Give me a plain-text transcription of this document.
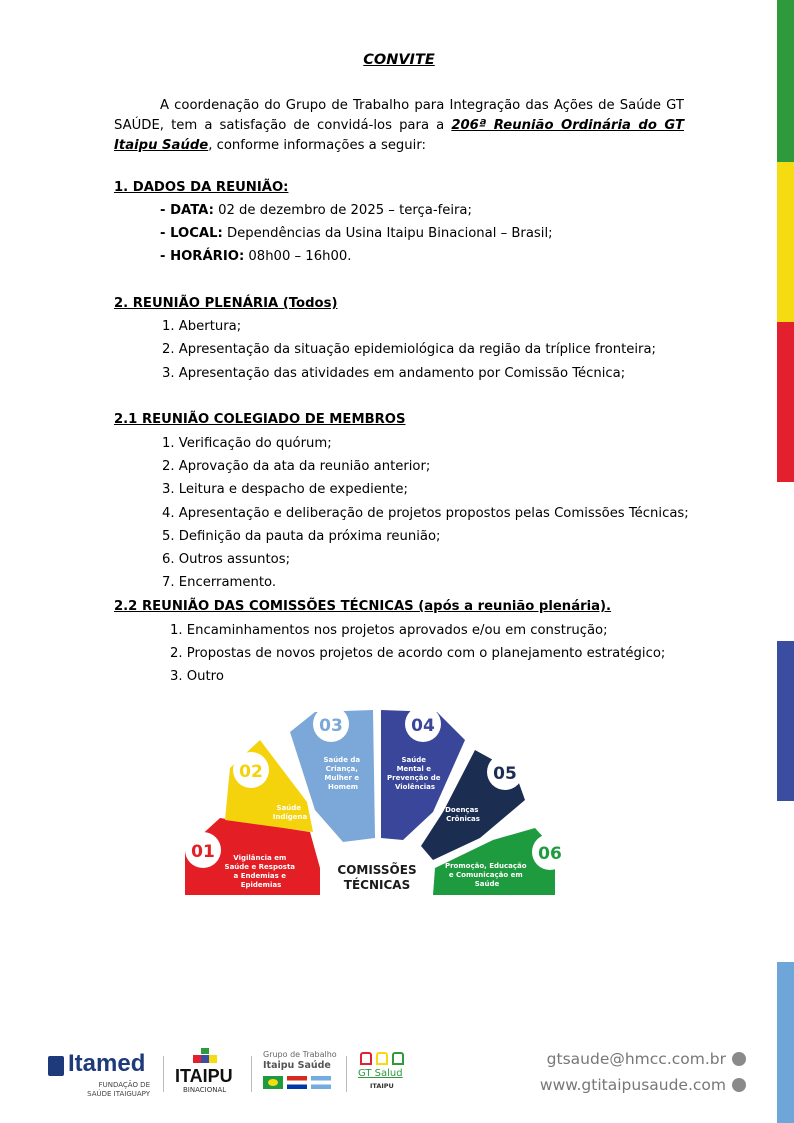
CONVITE
A coordenação do Grupo de Trabalho para Integração das Ações de Saúde GT SAÚDE, tem a satisfação de convidá-los para a 206ª Reunião Ordinária do GT Itaipu Saúde, conforme informações a seguir:
1. DADOS DA REUNIÃO:
- DATA: 02 de dezembro de 2025 – terça-feira;
- LOCAL: Dependências da Usina Itaipu Binacional – Brasil;
- HORÁRIO: 08h00 – 16h00.
2. REUNIÃO PLENÁRIA (Todos)
1. Abertura;
2. Apresentação da situação epidemiológica da região da tríplice fronteira;
3. Apresentação das atividades em andamento por Comissão Técnica;
2.1 REUNIÃO COLEGIADO DE MEMBROS
1. Verificação do quórum;
2. Aprovação da ata da reunião anterior;
3. Leitura e despacho de expediente;
4. Apresentação e deliberação de projetos propostos pelas Comissões Técnicas;
5. Definição da pauta da próxima reunião;
6. Outros assuntos;
7. Encerramento.
2.2 REUNIÃO DAS COMISSÕES TÉCNICAS (após a reunião plenária).
1. Encaminhamentos nos projetos aprovados e/ou em construção;
2. Propostas de novos projetos de acordo com o planejamento estratégico;
3. Outro
01	Vigilância em Saúde e Resposta a Endemias e Epidemias
02
Saúde Indígena
03
Saúde da Criança, Mulher e Homem
04
Saúde Mental e Prevenção de Violências
05
Doenças Crônicas
06
Promoção, Educação e Comunicação em Saúde
COMISSÕES
TÉCNICAS
Itamed
FUNDAÇÃO DE
SAÚDE ITAIGUAPY
ITAIPU
BINACIONAL
Grupo de Trabalho
Itaipu Saúde
GT Salud
ITAIPU
gtsaude@hmcc.com.br
www.gtitaipusaude.com
